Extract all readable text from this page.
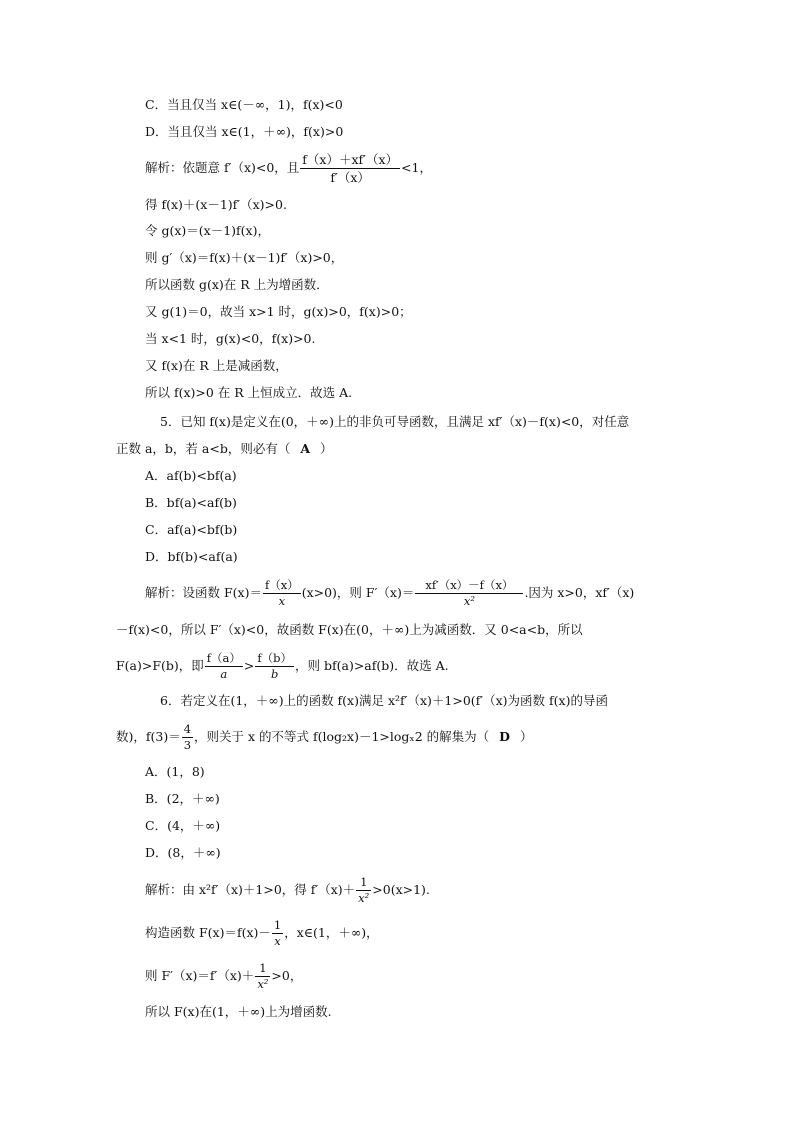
C．当且仅当 x∈(－∞，1)，f(x)<0
D．当且仅当 x∈(1，＋∞)，f(x)>0
解析：依题意 f′（x)<0，且 $\frac{f(x)+xf'(x)}{f'(x)} <1$，
得 f(x)＋(x－1)f′（x)>0.
令 g(x)＝(x－1)f(x)，
则 g′（x)＝f(x)＋(x－1)f′（x)>0，
所以函数 g(x)在 R 上为增函数．
又 g(1)＝0，故当 x>1 时，g(x)>0，f(x)>0；
当 x<1 时，g(x)<0，f(x)>0.
又 f(x)在 R 上是减函数，
所以 f(x)>0 在 R 上恒成立．故选 A.
5．已知 f(x)是定义在(0，＋∞)上的非负可导函数，且满足 xf′（x)－f(x)<0，对任意
正数 a，b，若 a<b，则必有（ A ）
A．af(b)<bf(a)
B．bf(a)<af(b)
C．af(a)<bf(b)
D．bf(b)<af(a)
解析：设函数 $F(x)= \frac{f(x)}{x} (x>0)$，则 $F'(x)= \frac{xf'(x)-f(x)}{\text{x²}}$ .因为 x>0，xf′（x)
－f(x)<0，所以 F′（x)<0，故函数 F(x)在(0，＋∞)上为减函数．又 0<a<b，所以
F(a)>F(b)，即 $\frac{f(a)}{a} > \frac{f(b)}{b}$ ，则 bf(a)>af(b)．故选 A.
6．若定义在(1，＋∞)上的函数 f(x)满足 x²f′（x)＋1>0(f′（x)为函数 f(x)的导函
数)，$f(3)= \frac{4}{3}$ ，则关于 x 的不等式 f(log₂x)－1>logₓ2 的解集为（ D ）
A．(1，8)
B．(2，＋∞)
C．(4，＋∞)
D．(8，＋∞)
解析：由 x²f′（x)＋1>0，得 $f'(x)+ \frac{1}{\text{x²}} >0(x>1)$.
构造函数 $F(x)=f(x)- \frac{1}{x}$ ，x∈(1，＋∞)，
则 $F'(x)=f'(x)+ \frac{1}{\text{x²}} >0$，
所以 F(x)在(1，＋∞)上为增函数.
